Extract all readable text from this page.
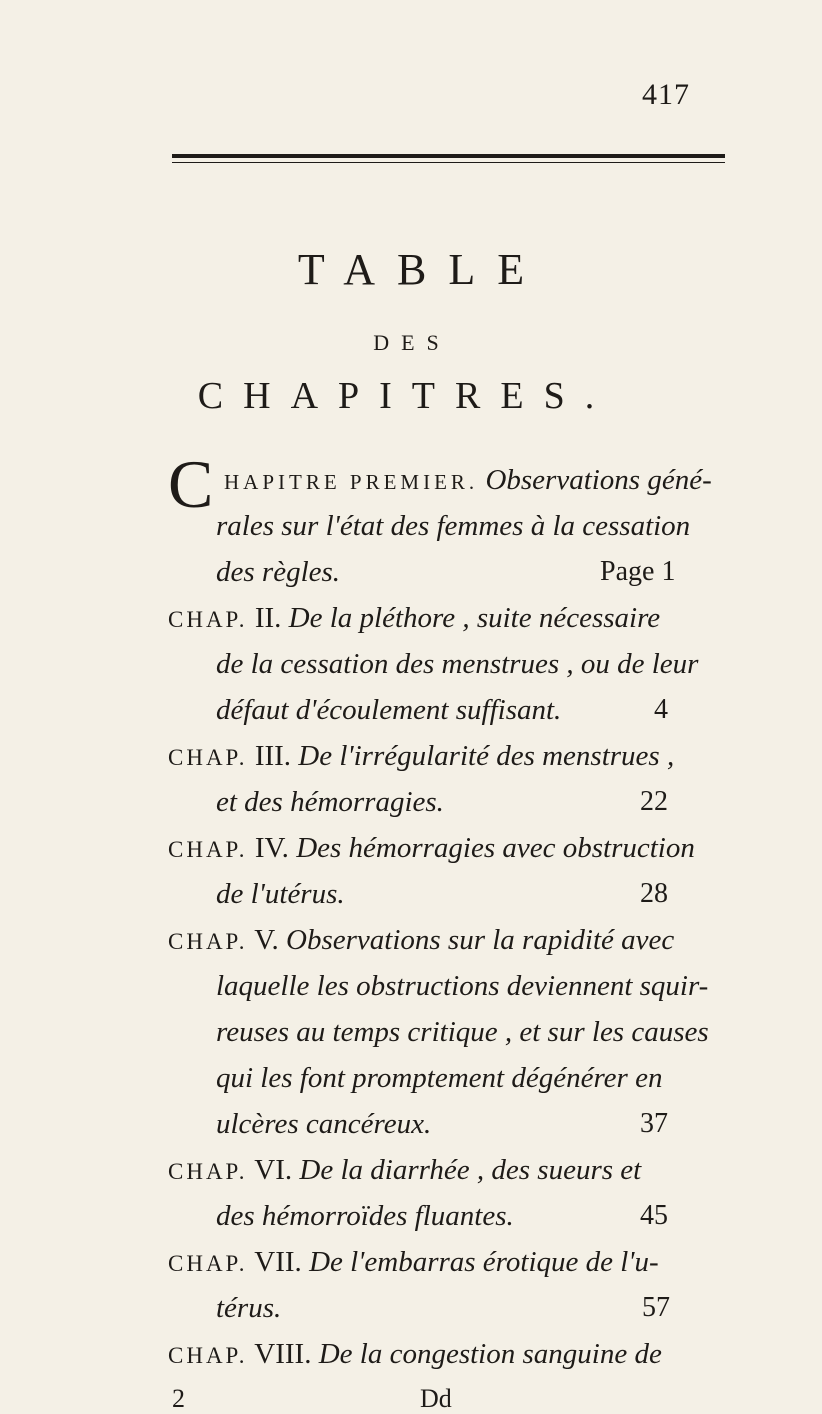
417
TABLE
DES
CHAPITRES.
C HAPITRE PREMIER. Observations géné-
rales sur l'état des femmes à la cessation
des règles.	Page 1
CHAP. II. De la pléthore , suite nécessaire
de la cessation des menstrues , ou de leur
défaut d'écoulement suffisant.	4
CHAP. III. De l'irrégularité des menstrues ,
et des hémorragies.	22
CHAP. IV. Des hémorragies avec obstruction
de l'utérus.	28
CHAP. V. Observations sur la rapidité avec
laquelle les obstructions deviennent squir-
reuses au temps critique , et sur les causes
qui les font promptement dégénérer en
ulcères cancéreux.	37
CHAP. VI. De la diarrhée , des sueurs et
des hémorroïdes fluantes.	45
CHAP. VII. De l'embarras érotique de l'u-
térus.	57
CHAP. VIII. De la congestion sanguine de
2	Dd
